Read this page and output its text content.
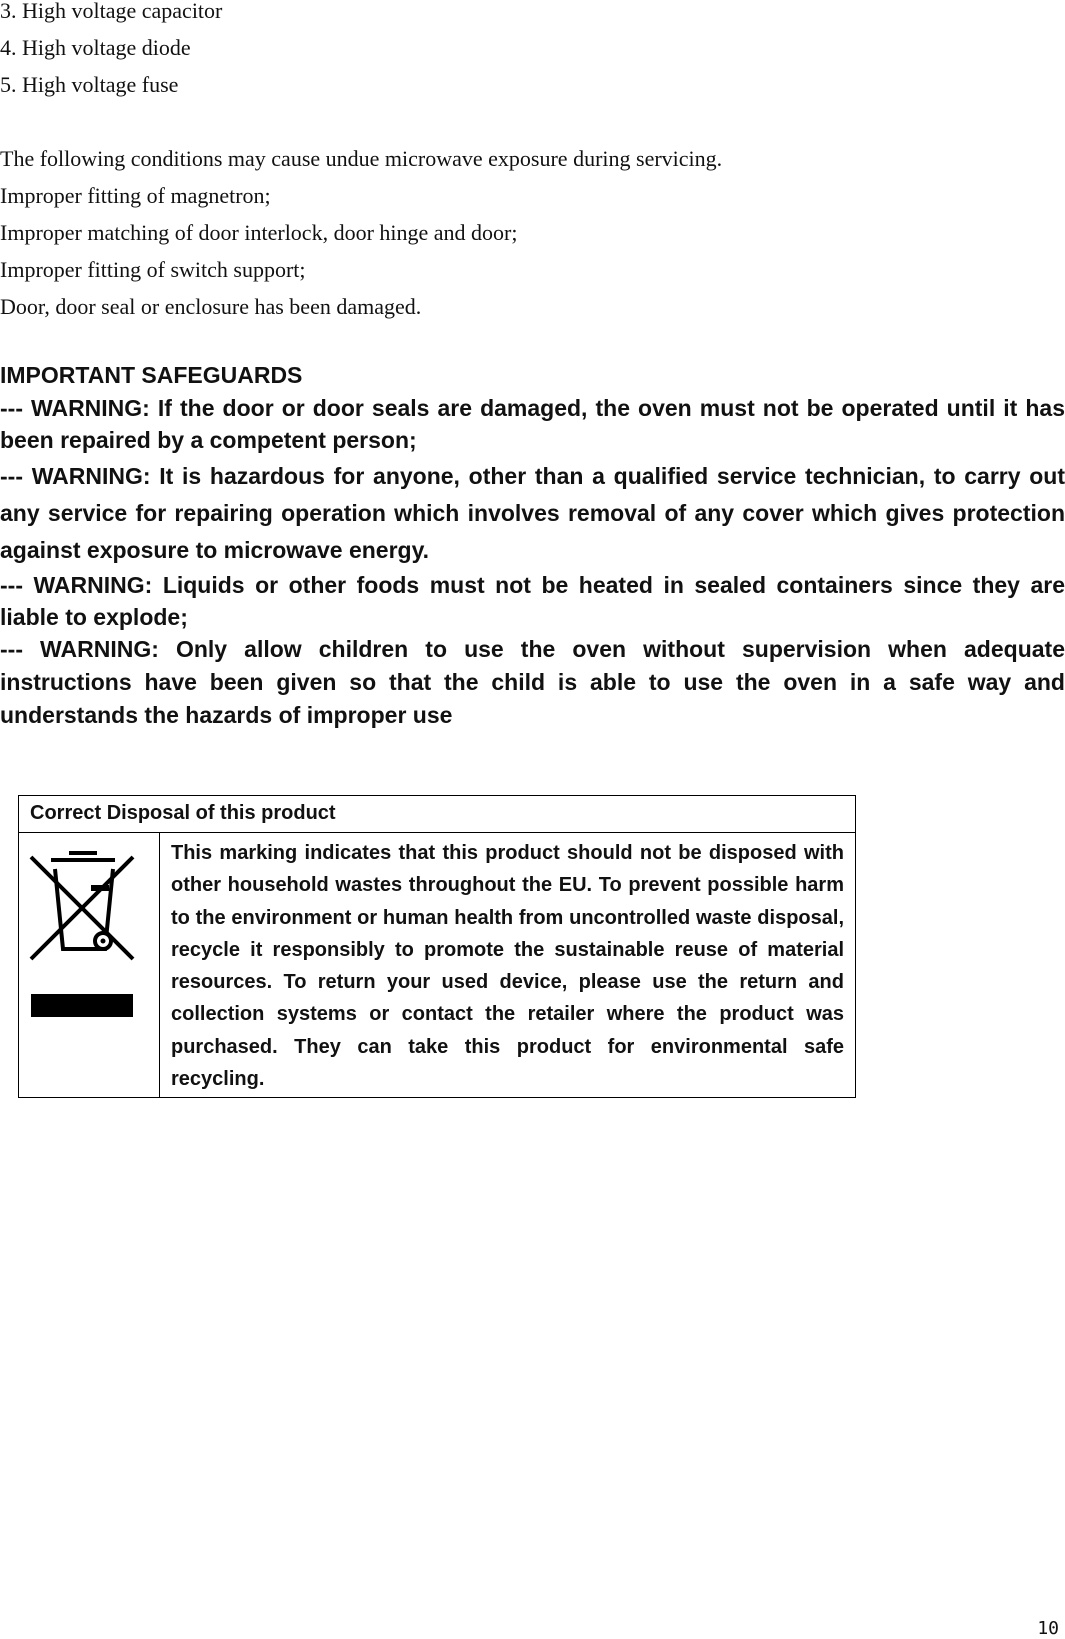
3. High voltage capacitor
4. High voltage diode
5. High voltage fuse
The following conditions may cause undue microwave exposure during servicing.
Improper fitting of magnetron;
Improper matching of door interlock, door hinge and door;
Improper fitting of switch support;
Door, door seal or enclosure has been damaged.
IMPORTANT SAFEGUARDS

--- WARNING: If the door or door seals are damaged, the oven must not be operated until it has been repaired by a competent person;

--- WARNING: It is hazardous for anyone, other than a qualified service technician, to carry out any service for repairing operation which involves removal of any cover which gives protection against exposure to microwave energy.

--- WARNING: Liquids or other foods must not be heated in sealed containers since they are liable to explode;

--- WARNING: Only allow children to use the oven without supervision when adequate instructions have been given so that the child is able to use the oven in a safe way and understands the hazards of improper use

Correct Disposal of this product

	This marking indicates that this product should not be disposed with other household wastes throughout the EU. To prevent possible harm to the environment or human health from uncontrolled waste disposal, recycle it responsibly to promote the sustainable reuse of material resources. To return your used device, please use the return and collection systems or contact the retailer where the product was purchased. They can take this product for environmental safe recycling.
10
